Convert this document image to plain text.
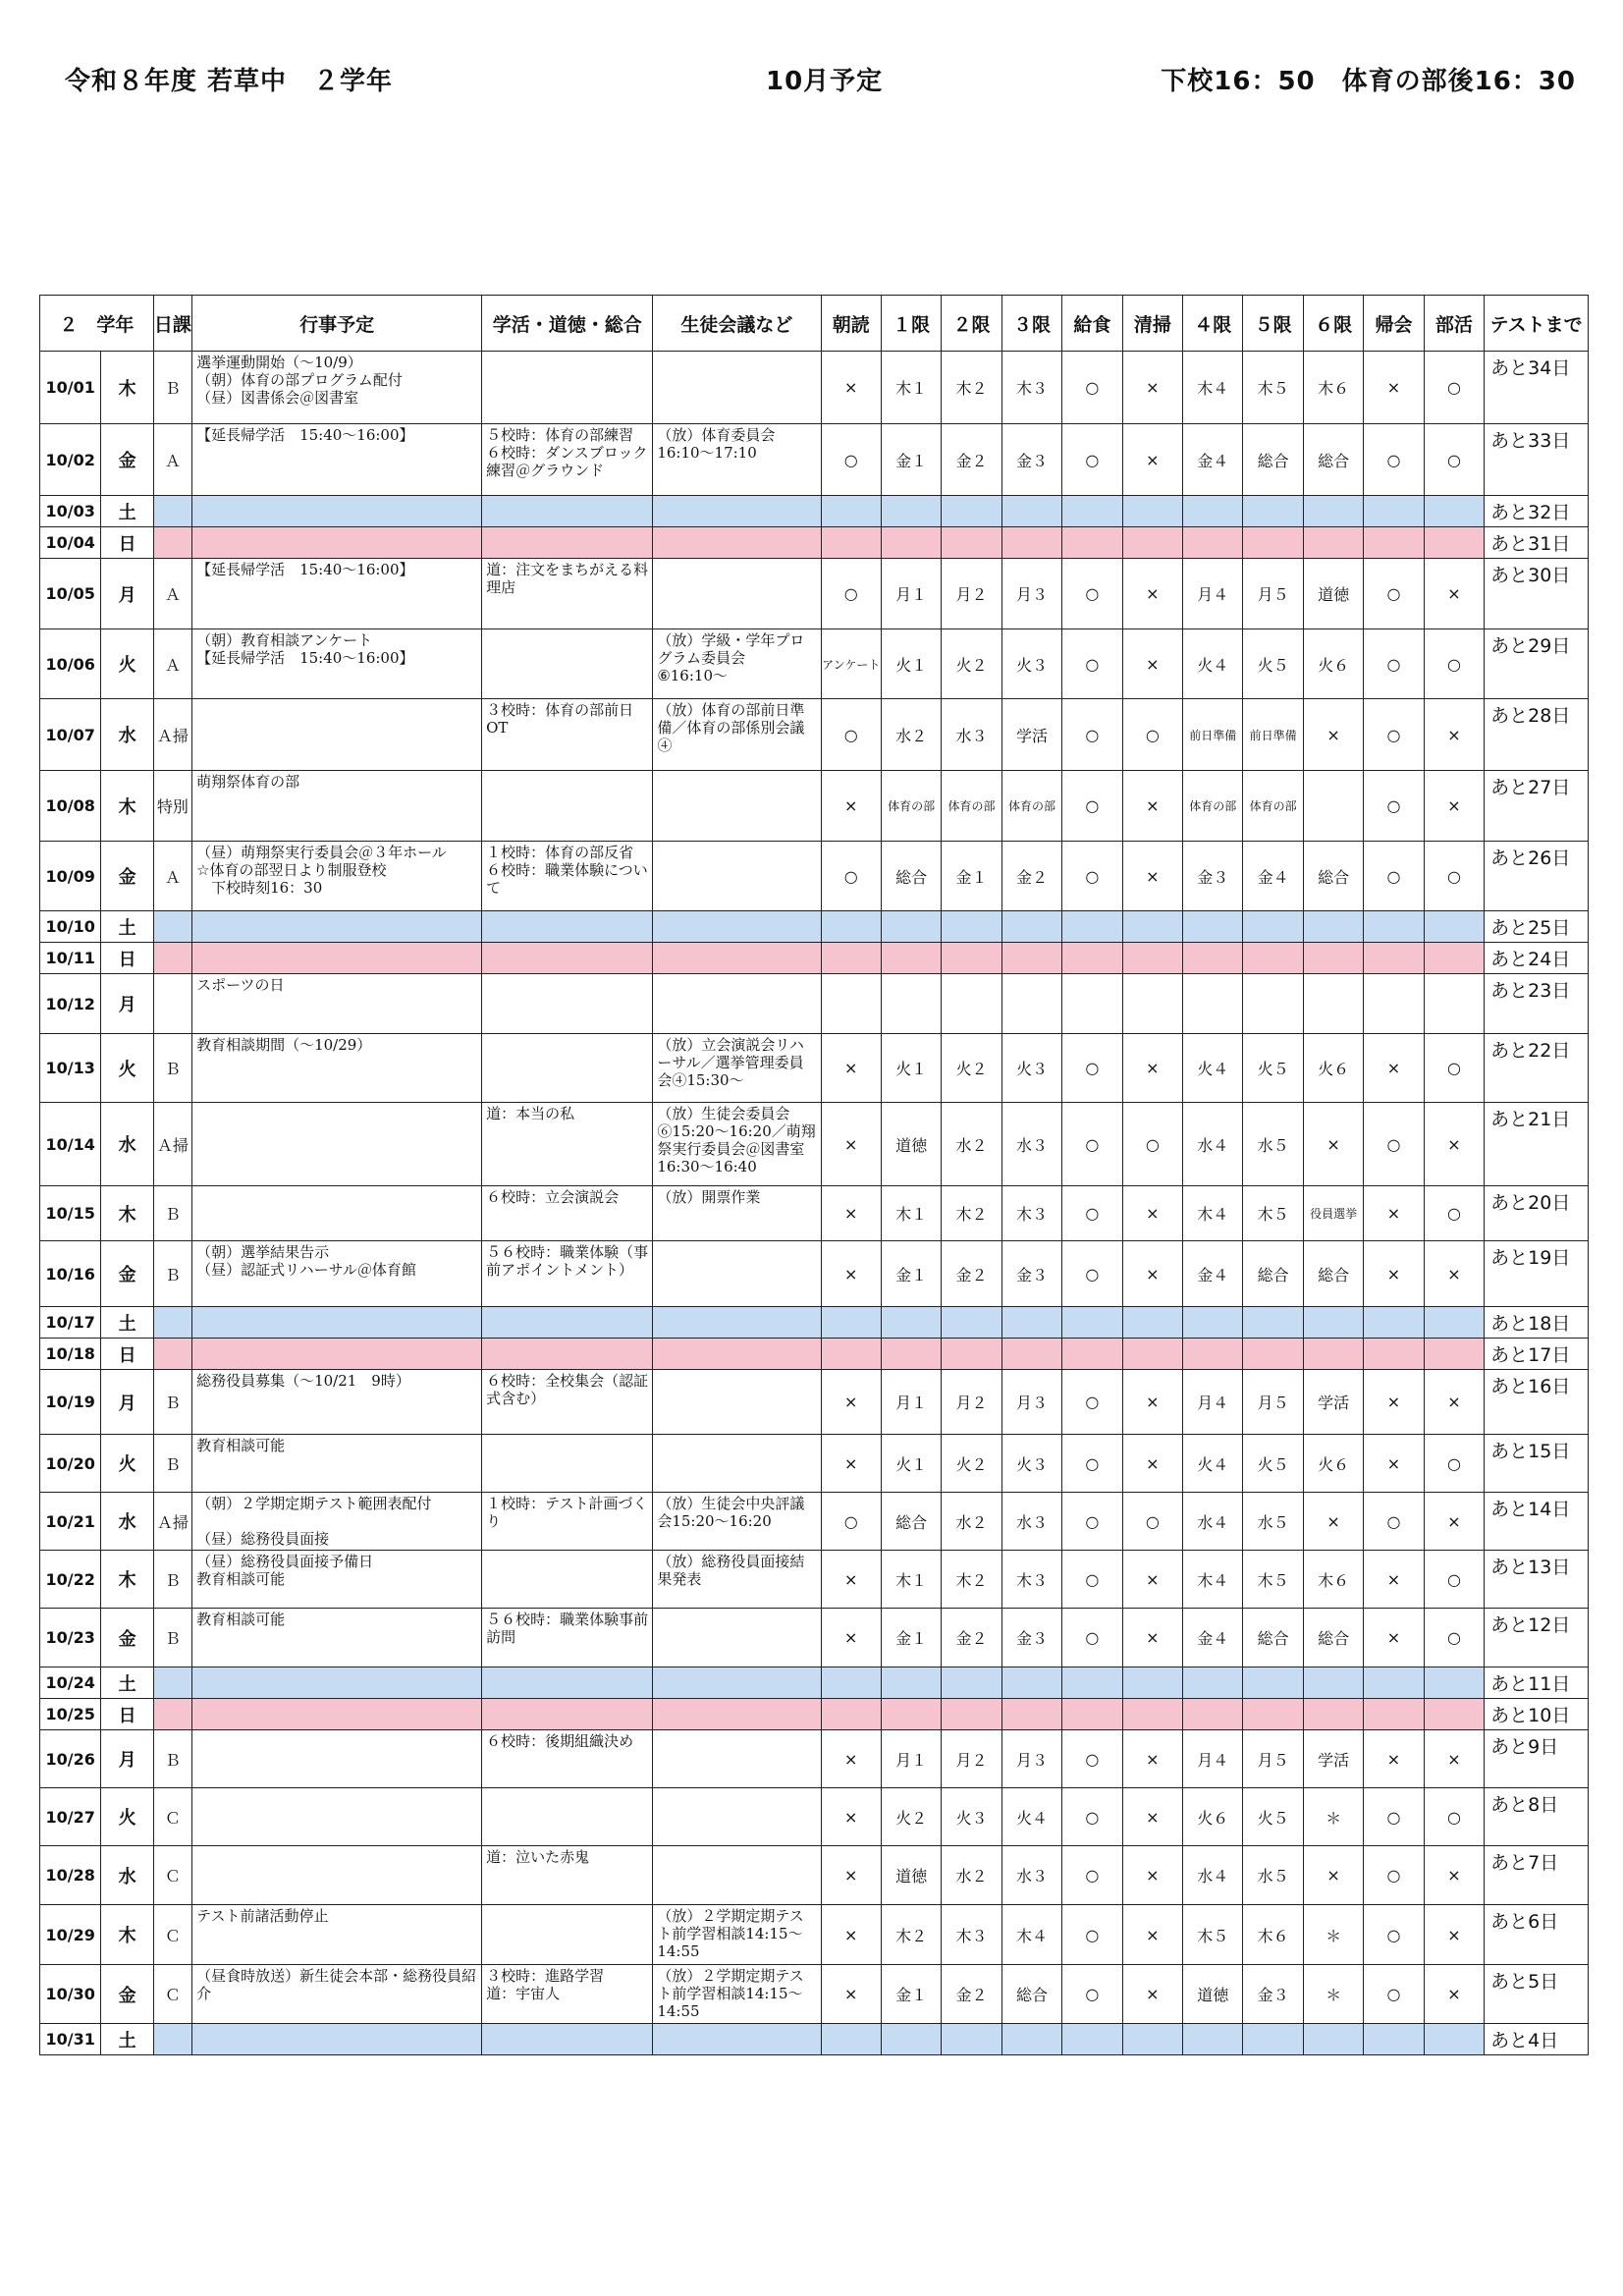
令和８年度 若草中　２学年	10月予定	下校16：50　体育の部後16：30
２　学年		日課	行事予定	学活・道徳・総合	生徒会議など	朝読	１限	２限	３限	給食	清掃	４限	５限	６限	帰会	部活	テストまで
10/01	木	Ｂ	選挙運動開始（～10/9）
（朝）体育の部プログラム配付
（昼）図書係会＠図書室			×	木１	木２	木３	○	×	木４	木５	木６	×	○	あと34日
10/02	金	Ａ	【延長帰学活　15:40～16:00】	５校時：体育の部練習
６校時：ダンスブロック練習＠グラウンド	（放）体育委員会
16:10～17:10	○	金１	金２	金３	○	×	金４	総合	総合	○	○	あと33日
10/03	土																あと32日
10/04	日																あと31日
10/05	月	Ａ	【延長帰学活　15:40～16:00】	道：注文をまちがえる料理店		○	月１	月２	月３	○	×	月４	月５	道徳	○	×	あと30日
10/06	火	Ａ	（朝）教育相談アンケート
【延長帰学活　15:40～16:00】		（放）学級・学年プログラム委員会
⑥16:10～	アンケート	火１	火２	火３	○	×	火４	火５	火６	○	○	あと29日
10/07	水	Ａ掃		３校時：体育の部前日OT	（放）体育の部前日準備／体育の部係別会議④	○	水２	水３	学活	○	○	前日準備	前日準備	×	○	×	あと28日
10/08	木	特別	萌翔祭体育の部			×	体育の部	体育の部	体育の部	○	×	体育の部	体育の部		○	×	あと27日
10/09	金	Ａ	（昼）萌翔祭実行委員会＠３年ホール
☆体育の部翌日より制服登校
　下校時刻16：30	１校時：体育の部反省
６校時：職業体験について		○	総合	金１	金２	○	×	金３	金４	総合	○	○	あと26日
10/10	土																あと25日
10/11	日																あと24日
10/12	月		スポーツの日														あと23日
10/13	火	Ｂ	教育相談期間（～10/29）		（放）立会演説会リハーサル／選挙管理委員会④15:30～	×	火１	火２	火３	○	×	火４	火５	火６	×	○	あと22日
10/14	水	Ａ掃		道：本当の私	（放）生徒会委員会
⑥15:20～16:20／萌翔祭実行委員会＠図書室16:30～16:40	×	道徳	水２	水３	○	○	水４	水５	×	○	×	あと21日
10/15	木	Ｂ		６校時：立会演説会	（放）開票作業	×	木１	木２	木３	○	×	木４	木５	役員選挙	×	○	あと20日
10/16	金	Ｂ	（朝）選挙結果告示
（昼）認証式リハーサル＠体育館	５６校時：職業体験（事前アポイントメント）		×	金１	金２	金３	○	×	金４	総合	総合	×	×	あと19日
10/17	土																あと18日
10/18	日																あと17日
10/19	月	Ｂ	総務役員募集（～10/21　9時）	６校時：全校集会（認証式含む）		×	月１	月２	月３	○	×	月４	月５	学活	×	×	あと16日
10/20	火	Ｂ	教育相談可能			×	火１	火２	火３	○	×	火４	火５	火６	×	○	あと15日
10/21	水	Ａ掃	（朝）２学期定期テスト範囲表配付

（昼）総務役員面接	１校時：テスト計画づくり	（放）生徒会中央評議会15:20～16:20	○	総合	水２	水３	○	○	水４	水５	×	○	×	あと14日
10/22	木	Ｂ	（昼）総務役員面接予備日
教育相談可能		（放）総務役員面接結果発表	×	木１	木２	木３	○	×	木４	木５	木６	×	○	あと13日
10/23	金	Ｂ	教育相談可能	５６校時：職業体験事前訪問		×	金１	金２	金３	○	×	金４	総合	総合	×	○	あと12日
10/24	土																あと11日
10/25	日																あと10日
10/26	月	Ｂ		６校時：後期組織決め		×	月１	月２	月３	○	×	月４	月５	学活	×	×	あと9日
10/27	火	Ｃ				×	火２	火３	火４	○	×	火６	火５	＊	○	○	あと8日
10/28	水	Ｃ		道：泣いた赤鬼		×	道徳	水２	水３	○	×	水４	水５	×	○	×	あと7日
10/29	木	Ｃ	テスト前諸活動停止		（放）２学期定期テスト前学習相談14:15～14:55	×	木２	木３	木４	○	×	木５	木６	＊	○	×	あと6日
10/30	金	Ｃ	（昼食時放送）新生徒会本部・総務役員紹介	３校時：進路学習
道：宇宙人	（放）２学期定期テスト前学習相談14:15～14:55	×	金１	金２	総合	○	×	道徳	金３	＊	○	×	あと5日
10/31	土																あと4日
